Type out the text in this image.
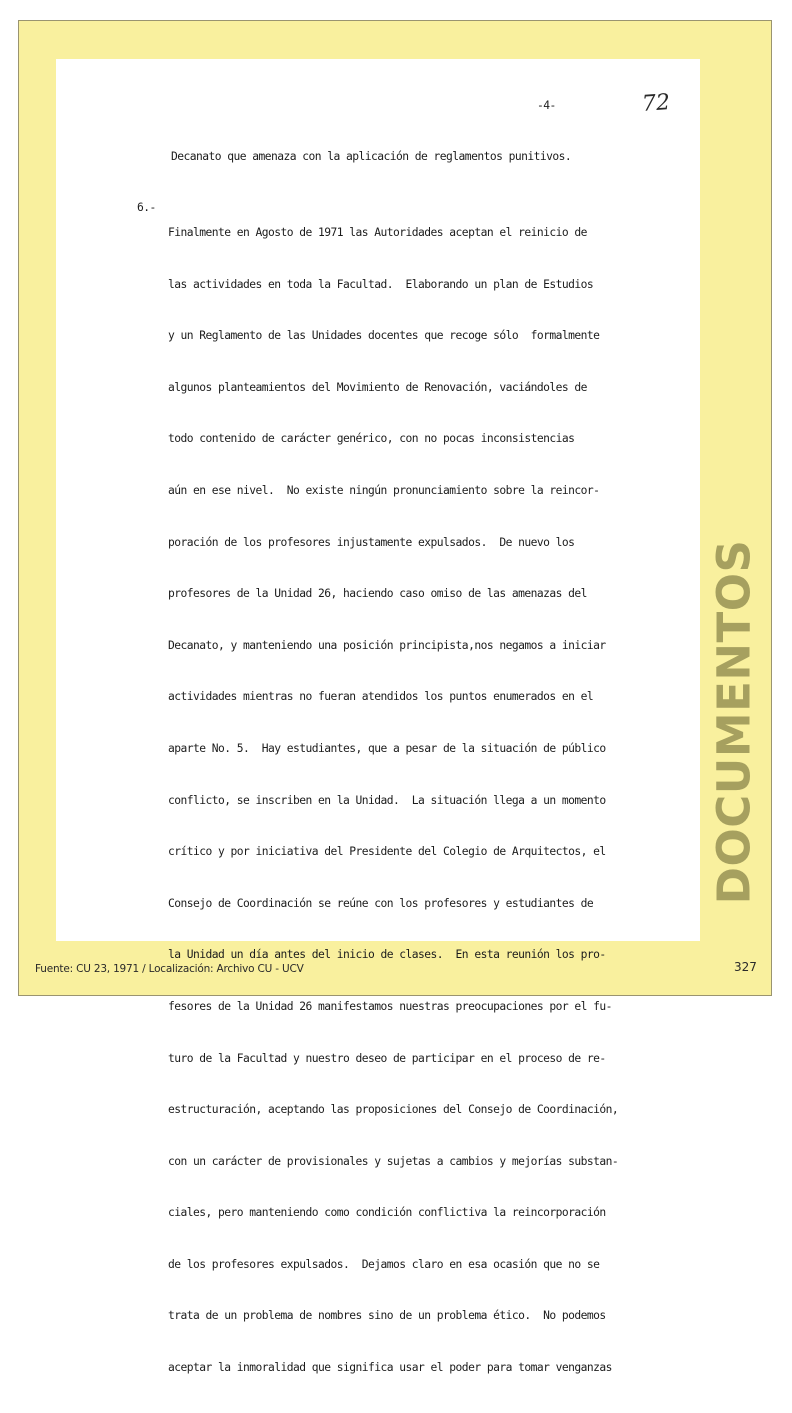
-4-	72
Decanato que amenaza con la aplicación de reglamentos punitivos.
6.-

Finalmente en Agosto de 1971 las Autoridades aceptan el reinicio de

las actividades en toda la Facultad.  Elaborando un plan de Estudios

y un Reglamento de las Unidades docentes que recoge sólo  formalmente

algunos planteamientos del Movimiento de Renovación, vaciándoles de

todo contenido de carácter genérico, con no pocas inconsistencias

aún en ese nivel.  No existe ningún pronunciamiento sobre la reincor-

poración de los profesores injustamente expulsados.  De nuevo los

profesores de la Unidad 26, haciendo caso omiso de las amenazas del

Decanato, y manteniendo una posición principista,nos negamos a iniciar

actividades mientras no fueran atendidos los puntos enumerados en el

aparte No. 5.  Hay estudiantes, que a pesar de la situación de público

conflicto, se inscriben en la Unidad.  La situación llega a un momento

crítico y por iniciativa del Presidente del Colegio de Arquitectos, el

Consejo de Coordinación se reúne con los profesores y estudiantes de

la Unidad un día antes del inicio de clases.  En esta reunión los pro-

fesores de la Unidad 26 manifestamos nuestras preocupaciones por el fu-

turo de la Facultad y nuestro deseo de participar en el proceso de re-

estructuración, aceptando las proposiciones del Consejo de Coordinación,

con un carácter de provisionales y sujetas a cambios y mejorías substan-

ciales, pero manteniendo como condición conflictiva la reincorporación

de los profesores expulsados.  Dejamos claro en esa ocasión que no se

trata de un problema de nombres sino de un problema ético.  No podemos

aceptar la inmoralidad que significa usar el poder para tomar venganzas

DOCUMENTOS
Fuente: CU 23, 1971 / Localización: Archivo CU - UCV	327
